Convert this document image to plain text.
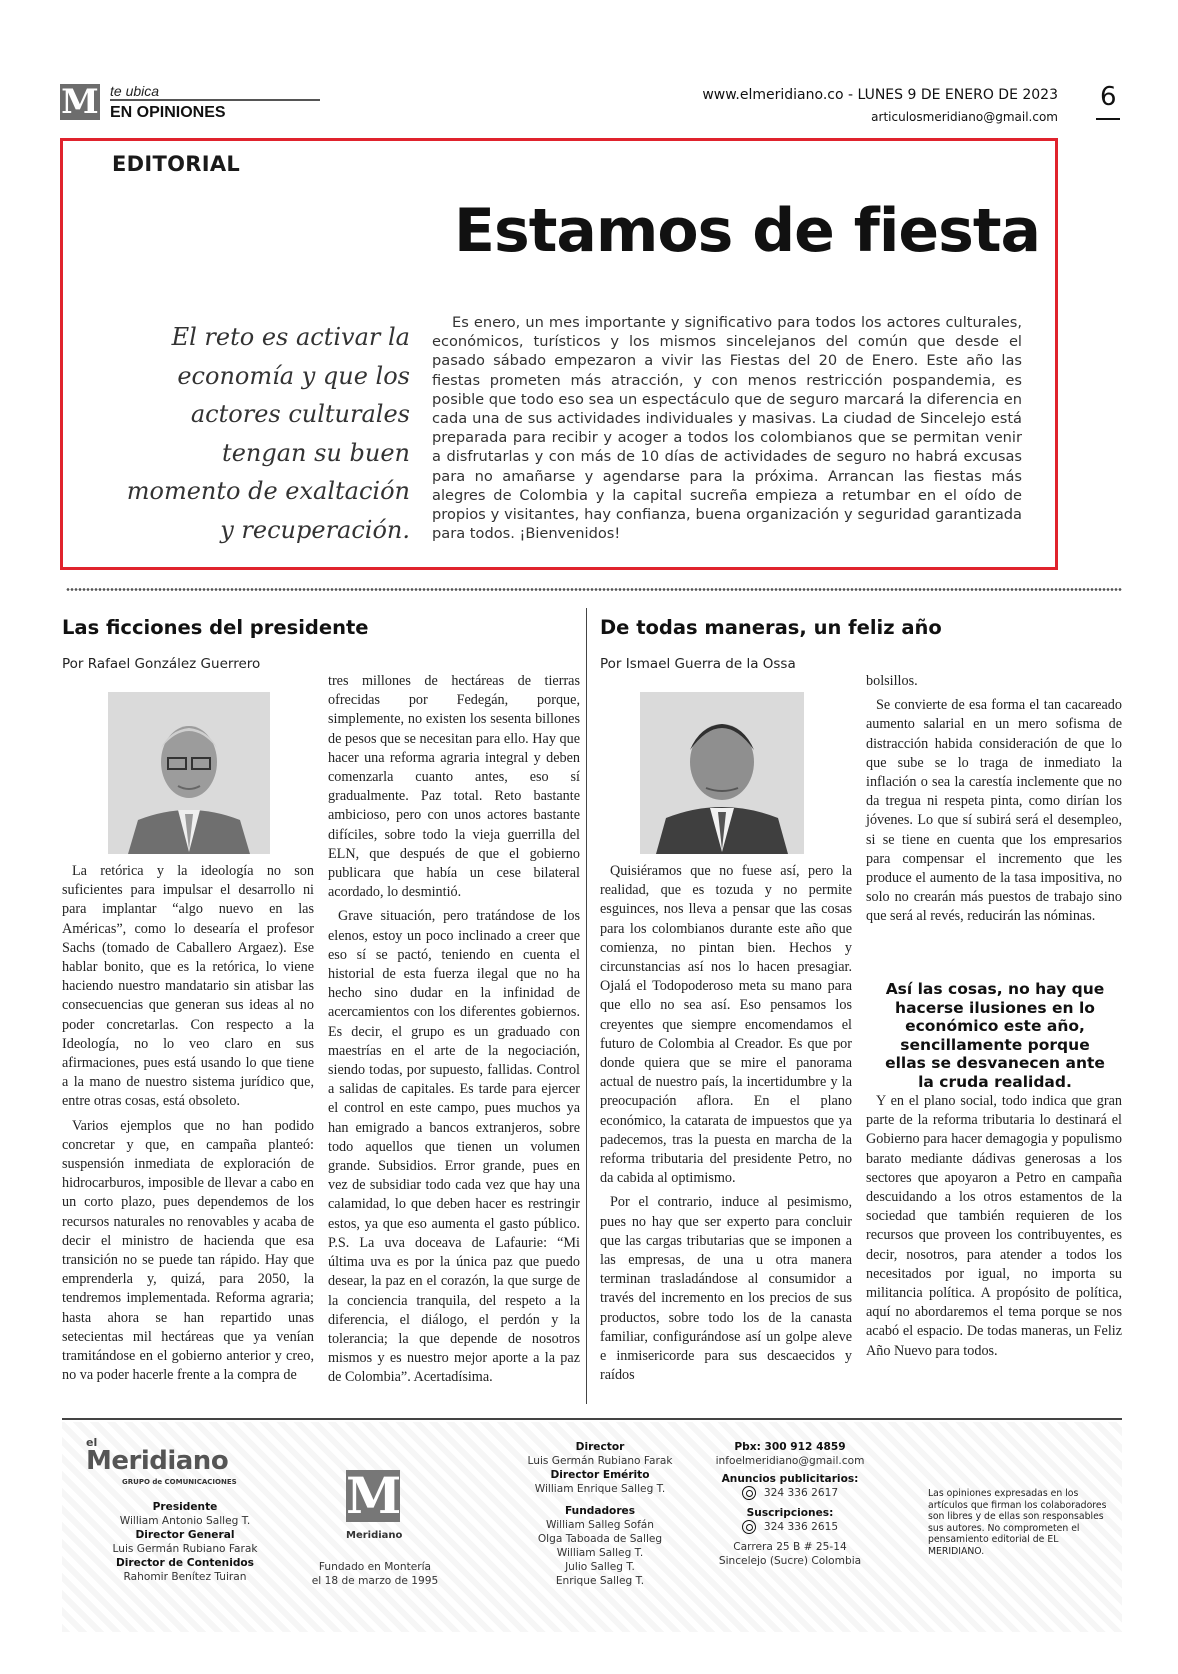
M te ubica
EN OPINIONES
www.elmeridiano.co - LUNES 9 DE ENERO DE 2023
articulosmeridiano@gmail.com
6
EDITORIAL
Estamos de fiesta
El reto es activar la economía y que los actores culturales tengan su buen momento de exaltación y recuperación.
Es enero, un mes importante y significativo para todos los actores culturales, económicos, turísticos y los mismos sincelejanos del común que desde el pasado sábado empezaron a vivir las Fiestas del 20 de Enero. Este año las fiestas prometen más atracción, y con menos restricción pospandemia, es posible que todo eso sea un espectáculo que de seguro marcará la diferencia en cada una de sus actividades individuales y masivas. La ciudad de Sincelejo está preparada para recibir y acoger a todos los colombianos que se permitan venir a disfrutarlas y con más de 10 días de actividades de seguro no habrá excusas para no amañarse y agendarse para la próxima. Arrancan las fiestas más alegres de Colombia y la capital sucreña empieza a retumbar en el oído de propios y visitantes, hay confianza, buena organización y seguridad garantizada para todos. ¡Bienvenidos!
Las ficciones del presidente
Por Rafael González Guerrero

La retórica y la ideología no son suficientes para impulsar el desarrollo ni para implantar “algo nuevo en las Américas”, como lo desearía el profesor Sachs (tomado de Caballero Argaez). Ese hablar bonito, que es la retórica, lo viene haciendo nuestro mandatario sin atisbar las consecuencias que generan sus ideas al no poder concretarlas. Con respecto a la Ideología, no lo veo claro en sus afirmaciones, pues está usando lo que tiene a la mano de nuestro sistema jurídico que, entre otras cosas, está obsoleto.

Varios ejemplos que no han podido concretar y que, en campaña planteó: suspensión inmediata de exploración de hidrocarburos, imposible de llevar a cabo en un corto plazo, pues dependemos de los recursos naturales no renovables y acaba de decir el ministro de hacienda que esa transición no se puede tan rápido. Hay que emprenderla y, quizá, para 2050, la tendremos implementada. Reforma agraria; hasta ahora se han repartido unas setecientas mil hectáreas que ya venían tramitándose en el gobierno anterior y creo, no va poder hacerle frente a la compra de

tres millones de hectáreas de tierras ofrecidas por Fedegán, porque, simplemente, no existen los sesenta billones de pesos que se necesitan para ello. Hay que hacer una reforma agraria integral y deben comenzarla cuanto antes, eso sí gradualmente. Paz total. Reto bastante ambicioso, pero con unos actores bastante difíciles, sobre todo la vieja guerrilla del ELN, que después de que el gobierno publicara que había un cese bilateral acordado, lo desmintió.

Grave situación, pero tratándose de los elenos, estoy un poco inclinado a creer que eso sí se pactó, teniendo en cuenta el historial de esta fuerza ilegal que no ha hecho sino dudar en la infinidad de acercamientos con los diferentes gobiernos. Es decir, el grupo es un graduado con maestrías en el arte de la negociación, siendo todas, por supuesto, fallidas. Control a salidas de capitales. Es tarde para ejercer el control en este campo, pues muchos ya han emigrado a bancos extranjeros, sobre todo aquellos que tienen un volumen grande. Subsidios. Error grande, pues en vez de subsidiar todo cada vez que hay una calamidad, lo que deben hacer es restringir estos, ya que eso aumenta el gasto público. P.S. La uva doceava de Lafaurie: “Mi última uva es por la única paz que puedo desear, la paz en el corazón, la que surge de la conciencia tranquila, del respeto a la diferencia, el diálogo, el perdón y la tolerancia; la que depende de nosotros mismos y es nuestro mejor aporte a la paz de Colombia”. Acertadísima.

De todas maneras, un feliz año
Por Ismael Guerra de la Ossa

Quisiéramos que no fuese así, pero la realidad, que es tozuda y no permite esguinces, nos lleva a pensar que las cosas para los colombianos durante este año que comienza, no pintan bien. Hechos y circunstancias así nos lo hacen presagiar. Ojalá el Todopoderoso meta su mano para que ello no sea así. Eso pensamos los creyentes que siempre encomendamos el futuro de Colombia al Creador. Es que por donde quiera que se mire el panorama actual de nuestro país, la incertidumbre y la preocupación aflora. En el plano económico, la catarata de impuestos que ya padecemos, tras la puesta en marcha de la reforma tributaria del presidente Petro, no da cabida al optimismo.

Por el contrario, induce al pesimismo, pues no hay que ser experto para concluir que las cargas tributarias que se imponen a las empresas, de una u otra manera terminan trasladándose al consumidor a través del incremento en los precios de sus productos, sobre todo los de la canasta familiar, configurándose así un golpe aleve e inmisericorde para sus descaecidos y raídos

bolsillos.

Se convierte de esa forma el tan cacareado aumento salarial en un mero sofisma de distracción habida consideración de que lo que sube se lo traga de inmediato la inflación o sea la carestía inclemente que no da tregua ni respeta pinta, como dirían los jóvenes. Lo que sí subirá será el desempleo, si se tiene en cuenta que los empresarios para compensar el incremento que les produce el aumento de la tasa impositiva, no solo no crearán más puestos de trabajo sino que será al revés, reducirán las nóminas.

Así las cosas, no hay que hacerse ilusiones en lo económico este año, sencillamente porque ellas se desvanecen ante la cruda realidad.

Y en el plano social, todo indica que gran parte de la reforma tributaria lo destinará el Gobierno para hacer demagogia y populismo barato mediante dádivas generosas a los sectores que apoyaron a Petro en campaña descuidando a los otros estamentos de la sociedad que también requieren de los recursos que proveen los contribuyentes, es decir, nosotros, para atender a todos los necesitados por igual, no importa su militancia política. A propósito de política, aquí no abordaremos el tema porque se nos acabó el espacio. De todas maneras, un Feliz Año Nuevo para todos.

el
Meridiano
GRUPO de COMUNICACIONES
Presidente
William Antonio Salleg T.
Director General
Luis Germán Rubiano Farak
Director de Contenidos
Rahomir Benítez Tuiran
M
Meridiano
Fundado en Montería
el 18 de marzo de 1995
Director
Luis Germán Rubiano Farak
Director Emérito
William Enrique Salleg T.
Fundadores
William Salleg Sofán
Olga Taboada de Salleg
William Salleg T.
Julio Salleg T.
Enrique Salleg T.
Pbx: 300 912 4859
infoelmeridiano@gmail.com
Anuncios publicitarios:
324 336 2617
Suscripciones:
324 336 2615
Carrera 25 B # 25-14
Sincelejo (Sucre) Colombia
Las opiniones expresadas en los artículos que firman los colaboradores son libres y de ellas son responsables sus autores. No comprometen el pensamiento editorial de EL MERIDIANO.
